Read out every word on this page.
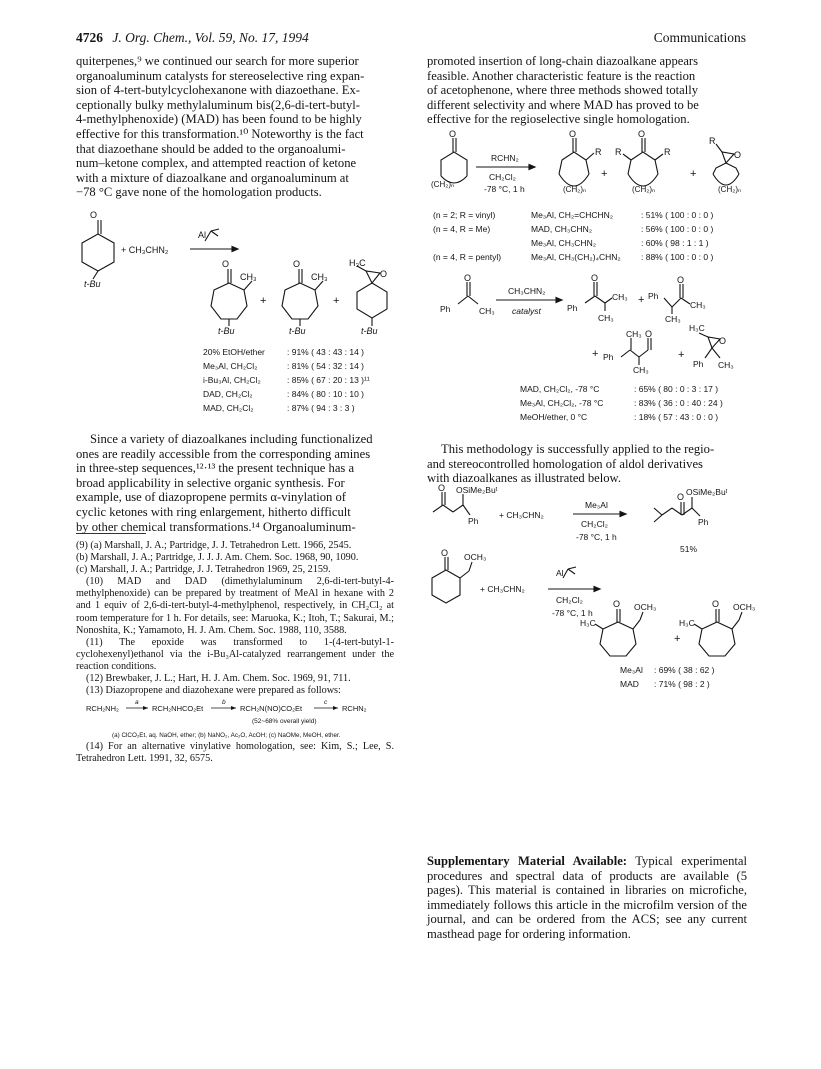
4726 J. Org. Chem., Vol. 59, No. 17, 1994	Communications

quiterpenes,⁹ we continued our search for more superior

organoaluminum catalysts for stereoselective ring expan-

sion of 4-tert-butylcyclohexanone with diazoethane. Ex-

ceptionally bulky methylaluminum bis(2,6-di-tert-butyl-

4-methylphenoxide) (MAD) has been found to be highly

effective for this transformation.¹⁰ Noteworthy is the fact

that diazoethane should be added to the organoalumi-

num–ketone complex, and attempted reaction of ketone

with a mixture of diazoalkane and organoaluminum at

−78 °C gave none of the homologation products.

Since a variety of diazoalkanes including functionalized

ones are readily accessible from the corresponding amines

in three-step sequences,¹²·¹³ the present technique has a

broad applicability in selective organic synthesis. For

example, use of diazopropene permits α-vinylation of

cyclic ketones with ring enlargement, hitherto difficult

by other chemical transformations.¹⁴ Organoaluminum-

promoted insertion of long-chain diazoalkane appears

feasible. Another characteristic feature is the reaction

of acetophenone, where three methods showed totally

different selectivity and where MAD has proved to be

effective for the regioselective single homologation.

This methodology is successfully applied to the regio-

and stereocontrolled homologation of aldol derivatives

with diazoalkanes as illustrated below.

(9) (a) Marshall, J. A.; Partridge, J. J. Tetrahedron Lett. 1966, 2545.

(b) Marshall, J. A.; Partridge, J. J. J. Am. Chem. Soc. 1968, 90, 1090.

(c) Marshall, J. A.; Partridge, J. J. Tetrahedron 1969, 25, 2159.

(10) MAD and DAD (dimethylaluminum 2,6-di-tert-butyl-4-methylphenoxide) can be prepared by treatment of MeAl in hexane with 2 and 1 equiv of 2,6-di-tert-butyl-4-methylphenol, respectively, in CH₂Cl₂ at room temperature for 1 h. For details, see: Maruoka, K.; Itoh, T.; Sakurai, M.; Nonoshita, K.; Yamamoto, H. J. Am. Chem. Soc. 1988, 110, 3588.

(11) The epoxide was transformed to 1-(4-tert-butyl-1-cyclohexenyl)ethanol via the i-Bu₃Al-catalyzed rearrangement under the reaction conditions.

(12) Brewbaker, J. L.; Hart, H. J. Am. Chem. Soc. 1969, 91, 711.

(13) Diazopropene and diazohexane were prepared as follows:

RCH₂NH₂
a
RCH₂NHCO₂Et
b
RCH₂N(NO)CO₂Et
c
RCHN₂
(52~68% overall yield)
(a) ClCO₂Et, aq. NaOH, ether; (b) NaNO₂, Ac₂O, AcOH; (c) NaOMe, MeOH, ether.

(14) For an alternative vinylative homologation, see: Kim, S.; Lee, S. Tetrahedron Lett. 1991, 32, 6575.

Supplementary Material Available: Typical experimental procedures and spectral data of products are available (5 pages). This material is contained in libraries on microfiche, immediately follows this article in the microfilm version of the journal, and can be ordered from the ACS; see any current masthead page for ordering information.
O
t-Bu
+ CH₃CHN₂
Al
O
CH₃
t-Bu
+
O
CH₃
t-Bu
+
H₃C
O
t-Bu
20% EtOH/ether	: 91% ( 43 : 43 : 14 )
Me₃Al, CH₂Cl₂	: 81% ( 54 : 32 : 14 )
i-Bu₃Al, CH₂Cl₂	: 85% ( 67 : 20 : 13 )¹¹
DAD, CH₂Cl₂	: 84% ( 80 : 10 : 10 )
MAD, CH₂Cl₂	: 87% ( 94 : 3 : 3 )
O
(CH₂)ₙ
RCHN₂
CH₂Cl₂
-78 °C, 1 h
O
R
(CH₂)ₙ
+
R
O
R
(CH₂)ₙ
+
R
O
(CH₂)ₙ
(n = 2; R = vinyl)	Me₃Al, CH₂=CHCHN₂	: 51% ( 100 : 0 : 0 )
(n = 4, R = Me)	MAD, CH₃CHN₂	: 56% ( 100 : 0 : 0 )
Me₃Al, CH₃CHN₂	: 60% ( 98 : 1 : 1 )
(n = 4, R = pentyl)	Me₃Al, CH₃(CH₂)₄CHN₂ : 88% ( 100 : 0 : 0 )
O
Ph	CH₃
CH₃CHN₂
catalyst
O
Ph
CH₃
CH₃
+ Ph
O
CH₃
CH₃
+ Ph
CH₃ O
CH₃
+
H₃C
O
Ph CH₃
MAD, CH₂Cl₂, -78 °C	: 65% ( 80 : 0 : 3 : 17 )
Me₃Al, CH₂Cl₂, -78 °C	: 83% ( 36 : 0 : 40 : 24 )
MeOH/ether, 0 °C	: 18% ( 57 : 43 : 0 : 0 )
O OSiMe₂Buᵗ
Ph
+ CH₃CHN₂
Me₃Al
CH₂Cl₂
-78 °C, 1 h
O OSiMe₂Buᵗ
Ph
51%
O OCH₃
+ CH₃CHN₂
Al
CH₂Cl₂
-78 °C, 1 h
O OCH₃
H₃C
+
O OCH₃
H₃C
Me₃Al : 69% ( 38 : 62 )
MAD : 71% ( 98 : 2 )
